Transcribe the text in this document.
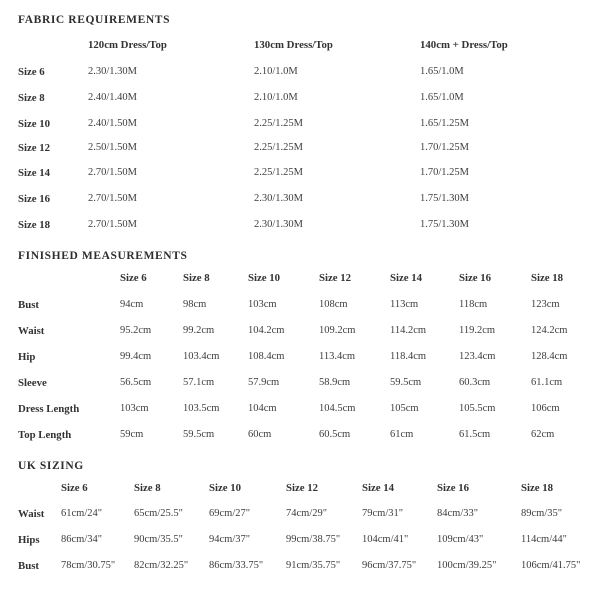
FABRIC REQUIREMENTS
120cm Dress/Top	130cm Dress/Top	140cm + Dress/Top
Size 6	2.30/1.30M	2.10/1.0M	1.65/1.0M
Size 8	2.40/1.40M	2.10/1.0M	1.65/1.0M
Size 10	2.40/1.50M	2.25/1.25M	1.65/1.25M
Size 12	2.50/1.50M	2.25/1.25M	1.70/1.25M
Size 14	2.70/1.50M	2.25/1.25M	1.70/1.25M
Size 16	2.70/1.50M	2.30/1.30M	1.75/1.30M
Size 18	2.70/1.50M	2.30/1.30M	1.75/1.30M
FINISHED MEASUREMENTS
Size 6	Size 8	Size 10	Size 12	Size 14	Size 16	Size 18
Bust	94cm	98cm	103cm	108cm	113cm	118cm	123cm
Waist	95.2cm	99.2cm	104.2cm	109.2cm	114.2cm	119.2cm	124.2cm
Hip	99.4cm	103.4cm	108.4cm	113.4cm	118.4cm	123.4cm	128.4cm
Sleeve	56.5cm	57.1cm	57.9cm	58.9cm	59.5cm	60.3cm	61.1cm
Dress Length	103cm	103.5cm	104cm	104.5cm	105cm	105.5cm	106cm
Top Length	59cm	59.5cm	60cm	60.5cm	61cm	61.5cm	62cm
UK SIZING
Size 6	Size 8	Size 10	Size 12	Size 14	Size 16	Size 18
Waist 61cm/24"	65cm/25.5" 69cm/27"	74cm/29"	79cm/31"	84cm/33"	89cm/35"
Hips 86cm/34"	90cm/35.5" 94cm/37"	99cm/38.75" 104cm/41"	109cm/43"	114cm/44"
Bust 78cm/30.75" 82cm/32.25" 86cm/33.75" 91cm/35.75" 96cm/37.75" 100cm/39.25" 106cm/41.75"
